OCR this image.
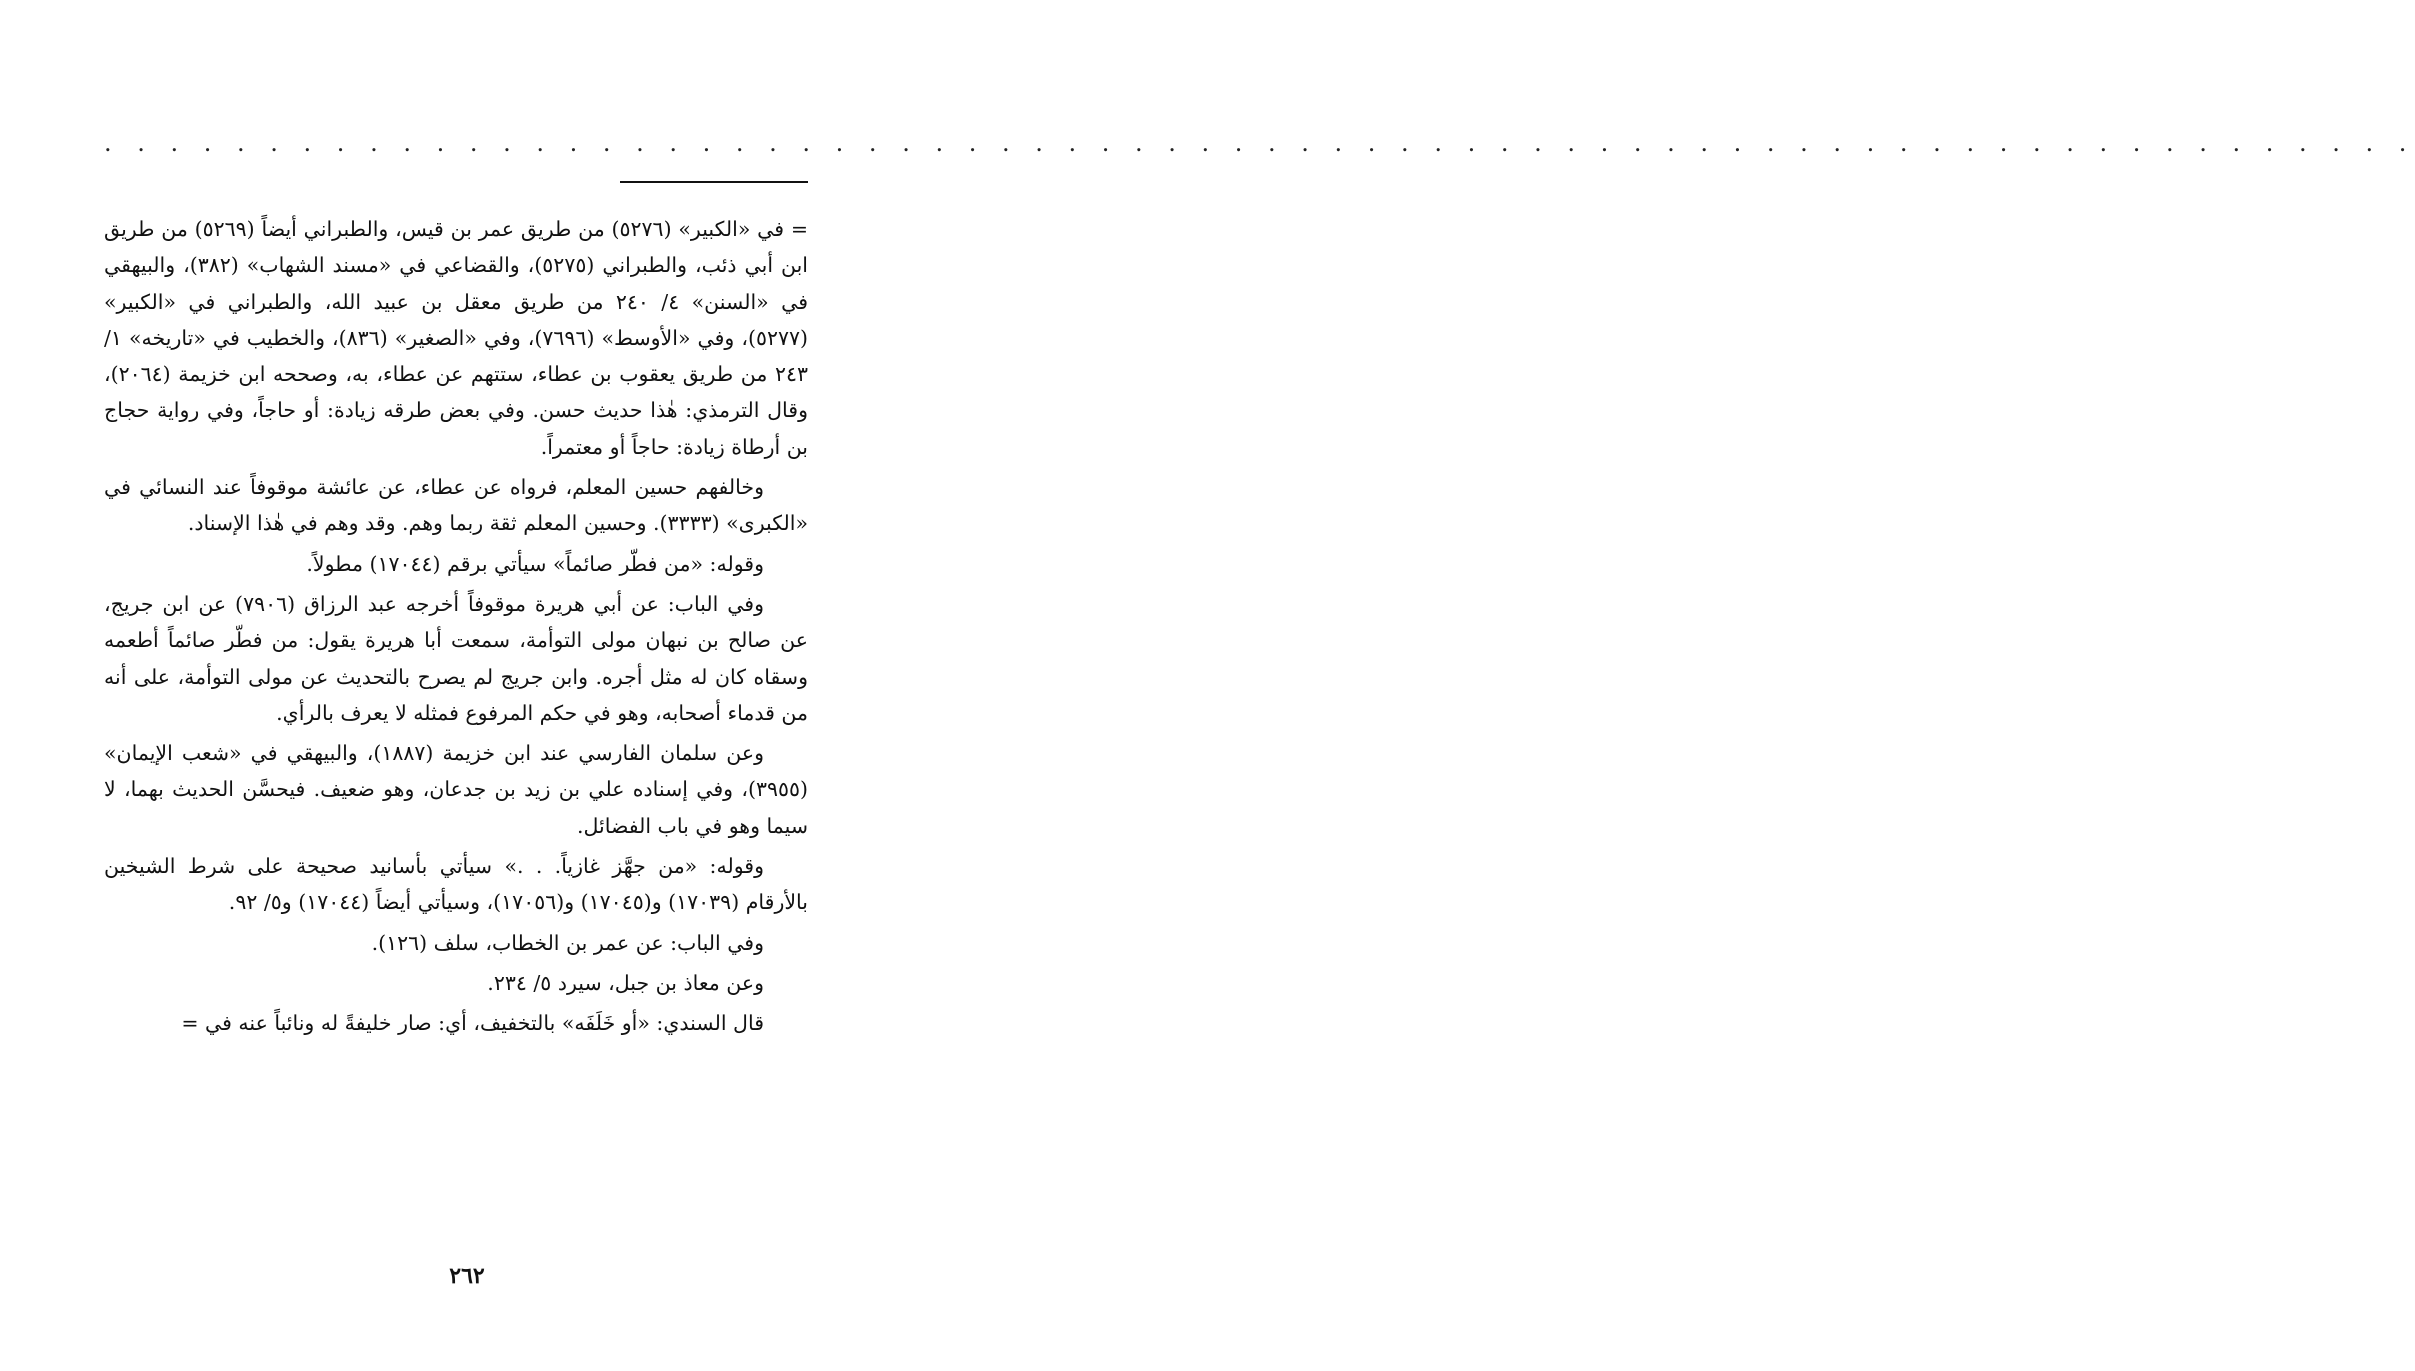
. . . . . . . . . . . . . . . . . . . . . . . . . . . . . . . . . . . . . . . . . . . . . . . . . . . . . . . . . . . . . . . . . . . . . .

= في «الكبير» (٥٢٧٦) من طريق عمر بن قيس، والطبراني أيضاً (٥٢٦٩) من طريق ابن أبي ذئب، والطبراني (٥٢٧٥)، والقضاعي في «مسند الشهاب» (٣٨٢)، والبيهقي في «السنن» ٤/ ٢٤٠ من طريق معقل بن عبيد الله، والطبراني في «الكبير» (٥٢٧٧)، وفي «الأوسط» (٧٦٩٦)، وفي «الصغير» (٨٣٦)، والخطيب في «تاريخه» ١/ ٢٤٣ من طريق يعقوب بن عطاء، ستتهم عن عطاء، به، وصححه ابن خزيمة (٢٠٦٤)، وقال الترمذي: هٰذا حديث حسن. وفي بعض طرقه زيادة: أو حاجاً، وفي رواية حجاج بن أرطاة زيادة: حاجاً أو معتمراً.

وخالفهم حسين المعلم، فرواه عن عطاء، عن عائشة موقوفاً عند النسائي في «الكبرى» (٣٣٣٣). وحسين المعلم ثقة ربما وهم. وقد وهم في هٰذا الإسناد.

وقوله: «من فطّر صائماً» سيأتي برقم (١٧٠٤٤) مطولاً.

وفي الباب: عن أبي هريرة موقوفاً أخرجه عبد الرزاق (٧٩٠٦) عن ابن جريج، عن صالح بن نبهان مولى التوأمة، سمعت أبا هريرة يقول: من فطّر صائماً أطعمه وسقاه كان له مثل أجره. وابن جريج لم يصرح بالتحديث عن مولى التوأمة، على أنه من قدماء أصحابه، وهو في حكم المرفوع فمثله لا يعرف بالرأي.

وعن سلمان الفارسي عند ابن خزيمة (١٨٨٧)، والبيهقي في «شعب الإيمان» (٣٩٥٥)، وفي إسناده علي بن زيد بن جدعان، وهو ضعيف. فيحسَّن الحديث بهما، لا سيما وهو في باب الفضائل.

وقوله: «من جهَّز غازياً. . .» سيأتي بأسانيد صحيحة على شرط الشيخين بالأرقام (١٧٠٣٩) و(١٧٠٤٥) و(١٧٠٥٦)، وسيأتي أيضاً (١٧٠٤٤) و٥/ ٩٢.

وفي الباب: عن عمر بن الخطاب، سلف (١٢٦).

وعن معاذ بن جبل، سيرد ٥/ ٢٣٤.

قال السندي: «أو خَلَفَه» بالتخفيف، أي: صار خليفةً له ونائباً عنه في =

٢٦٢
